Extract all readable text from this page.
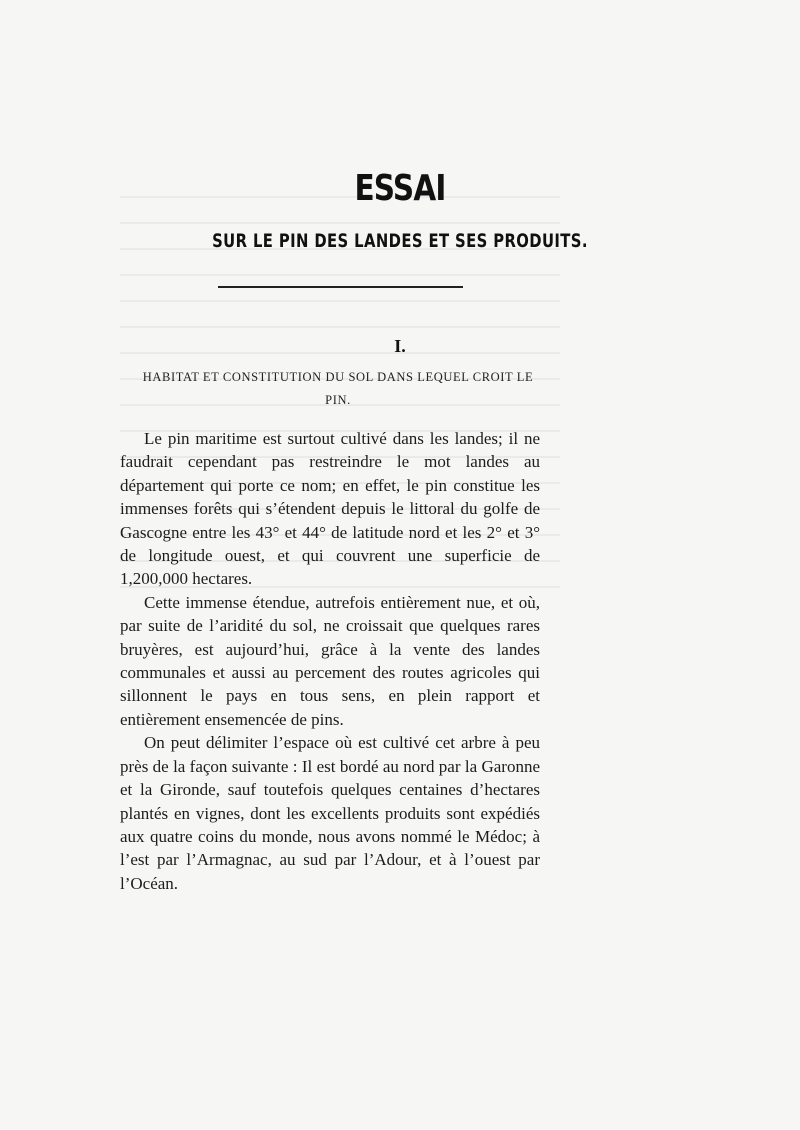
ESSAI
SUR LE PIN DES LANDES ET SES PRODUITS.
I.
HABITAT ET CONSTITUTION DU SOL DANS LEQUEL CROIT LE PIN.

Le pin maritime est surtout cultivé dans les landes; il ne faudrait cependant pas restreindre le mot landes au département qui porte ce nom; en effet, le pin constitue les immenses forêts qui s’étendent depuis le littoral du golfe de Gascogne entre les 43° et 44° de latitude nord et les 2° et 3° de longitude ouest, et qui couvrent une superficie de 1,200,000 hectares.

Cette immense étendue, autrefois entièrement nue, et où, par suite de l’aridité du sol, ne croissait que quelques rares bruyères, est aujourd’hui, grâce à la vente des landes communales et aussi au percement des routes agricoles qui sillonnent le pays en tous sens, en plein rapport et entièrement ensemencée de pins.

On peut délimiter l’espace où est cultivé cet arbre à peu près de la façon suivante : Il est bordé au nord par la Garonne et la Gironde, sauf toutefois quelques centaines d’hectares plantés en vignes, dont les excellents produits sont expédiés aux quatre coins du monde, nous avons nommé le Médoc; à l’est par l’Armagnac, au sud par l’Adour, et à l’ouest par l’Océan.
